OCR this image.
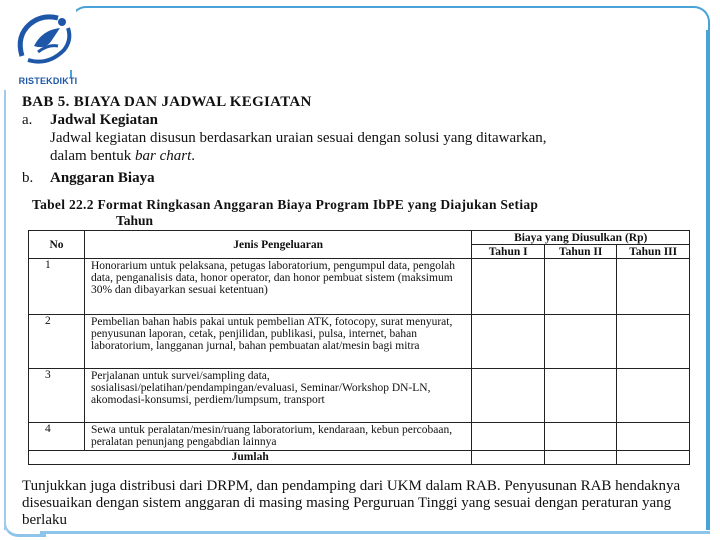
RISTEKDIKTI
BAB 5. BIAYA DAN JADWAL KEGIATAN
a. Jadwal Kegiatan
Jadwal kegiatan disusun berdasarkan uraian sesuai dengan solusi yang ditawarkan,
dalam bentuk bar chart.
b. Anggaran Biaya
Tabel 22.2 Format Ringkasan Anggaran Biaya Program IbPE yang Diajukan Setiap
Tahun
No	Jenis Pengeluaran	Biaya yang Diusulkan (Rp)		
		Tahun I	Tahun II	Tahun III
1	Honorarium untuk pelaksana, petugas laboratorium, pengumpul data, pengolah data, penganalisis data, honor operator, dan honor pembuat sistem (maksimum 30% dan dibayarkan sesuai ketentuan)			
2	Pembelian bahan habis pakai untuk pembelian ATK, fotocopy, surat menyurat, penyusunan laporan, cetak, penjilidan, publikasi, pulsa, internet, bahan laboratorium, langganan jurnal, bahan pembuatan alat/mesin bagi mitra			
3	Perjalanan untuk survei/sampling data, sosialisasi/pelatihan/pendampingan/evaluasi, Seminar/Workshop DN-LN, akomodasi-konsumsi, perdiem/lumpsum, transport			
4	Sewa untuk peralatan/mesin/ruang laboratorium, kendaraan, kebun percobaan, peralatan penunjang pengabdian lainnya			
Jumlah				
Tunjukkan juga distribusi dari DRPM, dan pendamping dari UKM dalam RAB. Penyusunan RAB hendaknya disesuaikan dengan sistem anggaran di masing masing Perguruan Tinggi yang sesuai dengan peraturan yang berlaku
